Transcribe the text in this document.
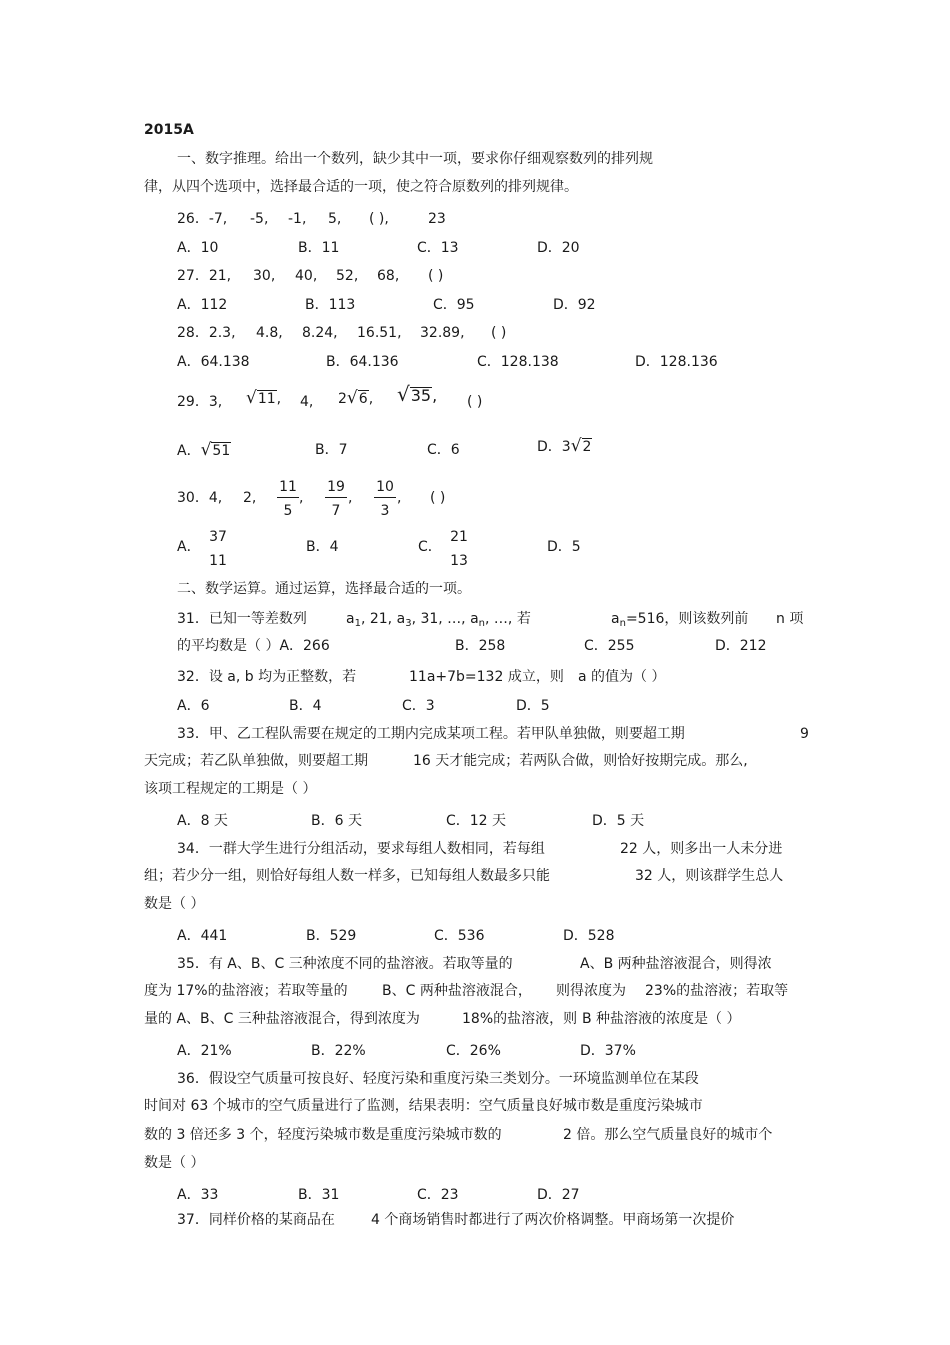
2015A
一、数字推理。给出一个数列，缺少其中一项，要求你仔细观察数列的排列规
律，从四个选项中，选择最合适的一项，使之符合原数列的排列规律。
26．-7, -5, -1, 5, ( ),	23
A．10	B．11	C．13	D．20
27．21, 30, 40, 52, 68, ( )
A．112	B．113	C．95	D．92
28．2.3, 4.8, 8.24, 16.51, 32.89, ( )
A．64.138	B．64.136	C．128.138	D．128.136
29．3, √11, 4, 2√6, √35, ( )
A．√51	B．7	C．6	D．3√2
30．4, 2,
11
5
,
19
7
,
10
3
, ( )
A．
37
11
B．4	C．
21
13
D．5
二、数学运算。通过运算，选择最合适的一项。
31．已知一等差数列	$a_1$, 21, $a_3$, 31, …, $a_n$, …, 若	$a_n=516$，则该数列前 n 项
的平均数是（ ）A．266	B．258	C．255	D．212
32．设 a, b 均为正整数，若	11a+7b=132 成立，则 a 的值为（ ）
A．6	B．4	C．3	D．5
33．甲、乙工程队需要在规定的工期内完成某项工程。若甲队单独做，则要超工期	9
天完成；若乙队单独做，则要超工期	16 天才能完成；若两队合做，则恰好按期完成。那么,
该项工程规定的工期是（ ）
A．8 天	B．6 天	C．12 天	D．5 天
34．一群大学生进行分组活动，要求每组人数相同，若每组	22 人，则多出一人未分进
组；若少分一组，则恰好每组人数一样多，已知每组人数最多只能	32 人，则该群学生总人
数是（ ）
A．441	B．529	C．536	D．528
35．有 A、B、C 三种浓度不同的盐溶液。若取等量的	A、B 两种盐溶液混合，则得浓
度为 17%的盐溶液；若取等量的 B、C 两种盐溶液混合， 则得浓度为 23%的盐溶液；若取等
量的 A、B、C 三种盐溶液混合，得到浓度为	18%的盐溶液，则 B 种盐溶液的浓度是（ ）
A．21%	B．22%	C．26%	D．37%
36．假设空气质量可按良好、轻度污染和重度污染三类划分。一环境监测单位在某段
时间对 63 个城市的空气质量进行了监测，结果表明：空气质量良好城市数是重度污染城市
数的 3 倍还多 3 个，轻度污染城市数是重度污染城市数的	2 倍。那么空气质量良好的城市个
数是（ ）
A．33	B．31	C．23	D．27
37．同样价格的某商品在	4 个商场销售时都进行了两次价格调整。甲商场第一次提价
